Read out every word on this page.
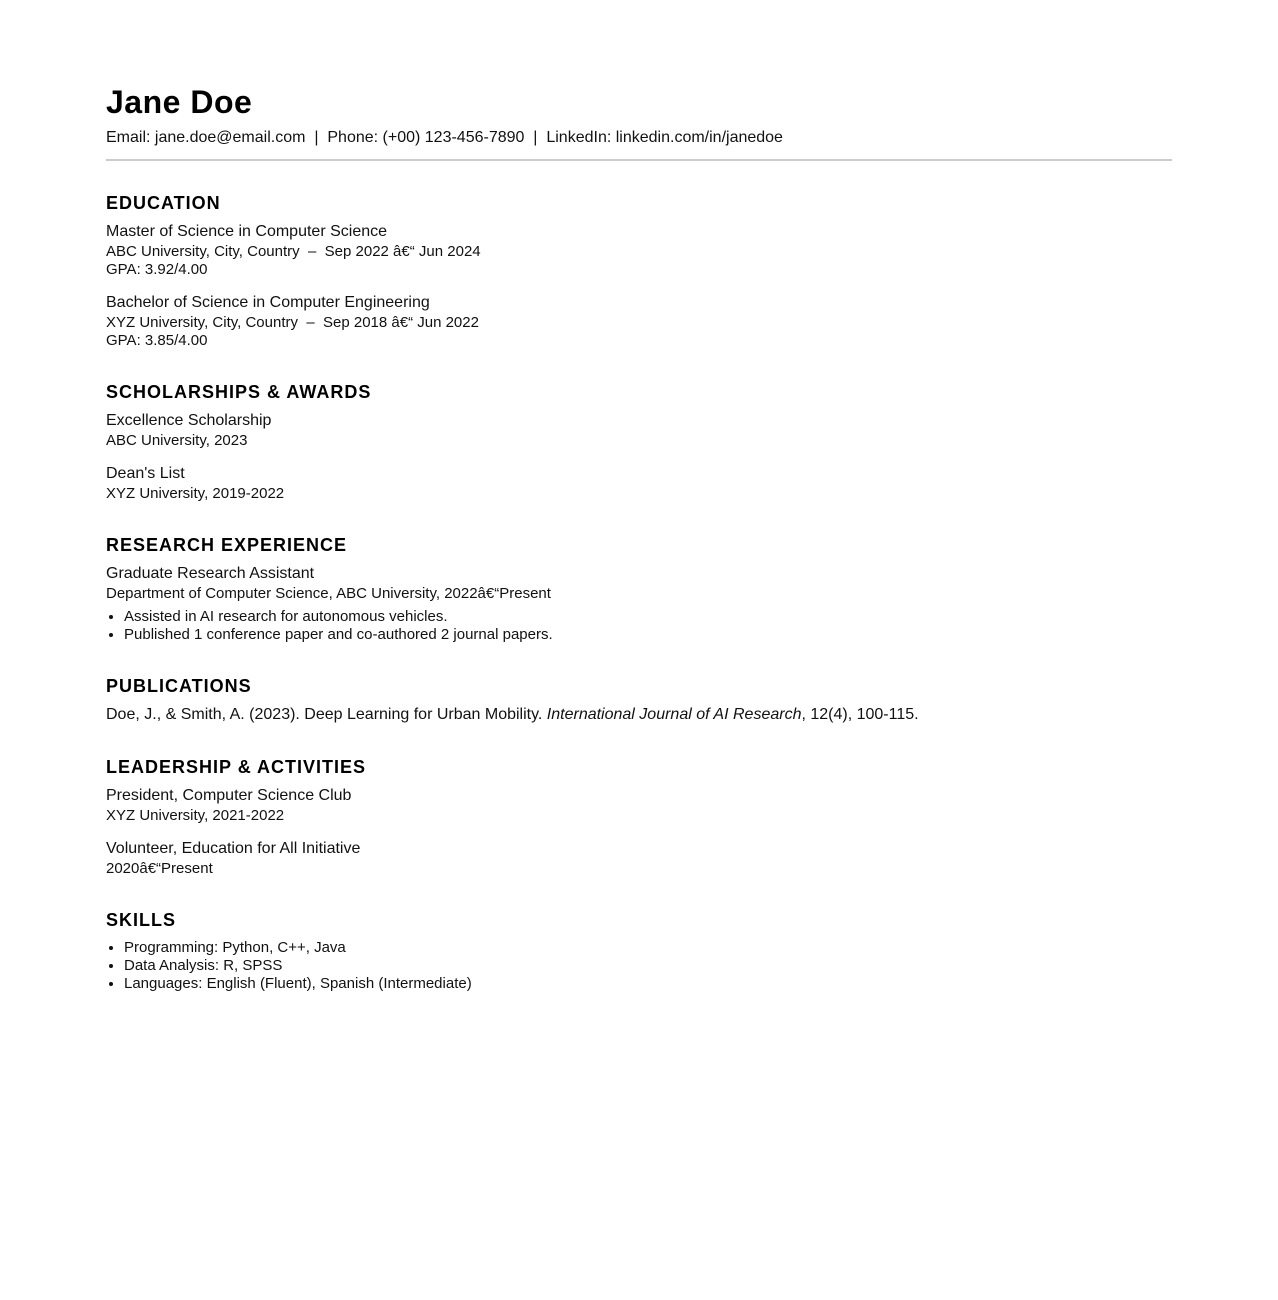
Jane Doe
Email: jane.doe@email.com  |  Phone: (+00) 123-456-7890  |  LinkedIn: linkedin.com/in/janedoe
EDUCATION
Master of Science in Computer Science
ABC University, City, Country  –  Sep 2022 â€“ Jun 2024
GPA: 3.92/4.00
Bachelor of Science in Computer Engineering
XYZ University, City, Country  –  Sep 2018 â€“ Jun 2022
GPA: 3.85/4.00
SCHOLARSHIPS & AWARDS
Excellence Scholarship
ABC University, 2023
Dean's List
XYZ University, 2019-2022
RESEARCH EXPERIENCE
Graduate Research Assistant
Department of Computer Science, ABC University, 2022â€“Present
• Assisted in AI research for autonomous vehicles.
• Published 1 conference paper and co-authored 2 journal papers.
PUBLICATIONS
Doe, J., & Smith, A. (2023). Deep Learning for Urban Mobility. International Journal of AI Research, 12(4), 100-115.
LEADERSHIP & ACTIVITIES
President, Computer Science Club
XYZ University, 2021-2022
Volunteer, Education for All Initiative
2020â€“Present
SKILLS
• Programming: Python, C++, Java
• Data Analysis: R, SPSS
• Languages: English (Fluent), Spanish (Intermediate)
